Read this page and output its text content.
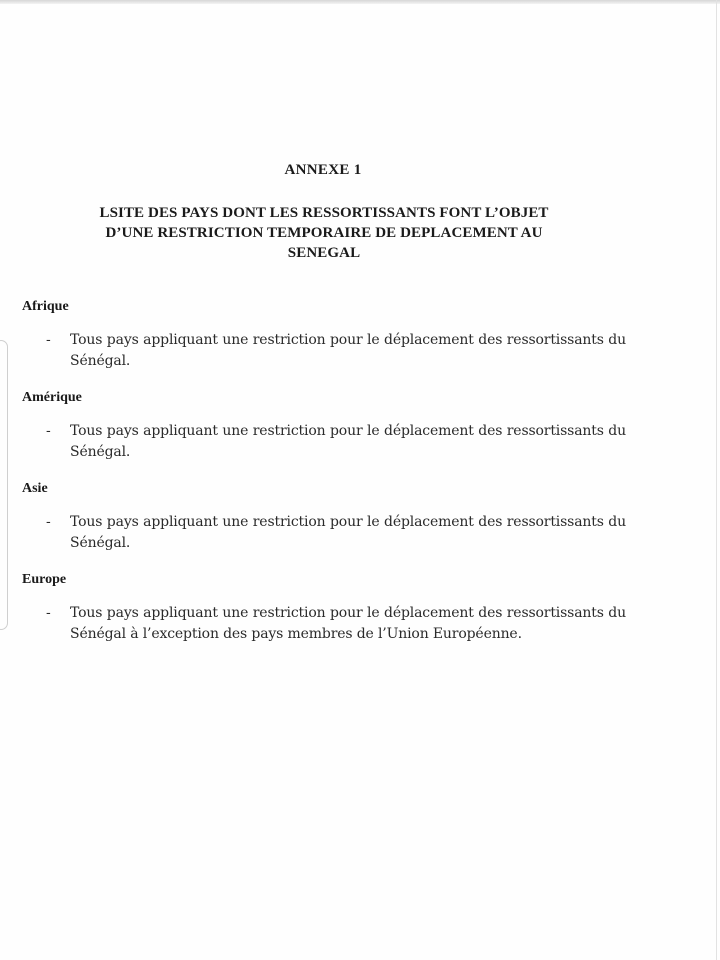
ANNEXE 1
LSITE DES PAYS DONT LES RESSORTISSANTS FONT L’OBJET
D’UNE RESTRICTION TEMPORAIRE DE DEPLACEMENT AU
SENEGAL

Afrique

- Tous pays appliquant une restriction pour le déplacement des ressortissants du Sénégal.

Amérique

- Tous pays appliquant une restriction pour le déplacement des ressortissants du Sénégal.

Asie

- Tous pays appliquant une restriction pour le déplacement des ressortissants du Sénégal.

Europe

- Tous pays appliquant une restriction pour le déplacement des ressortissants du Sénégal à l’exception des pays membres de l’Union Européenne.
